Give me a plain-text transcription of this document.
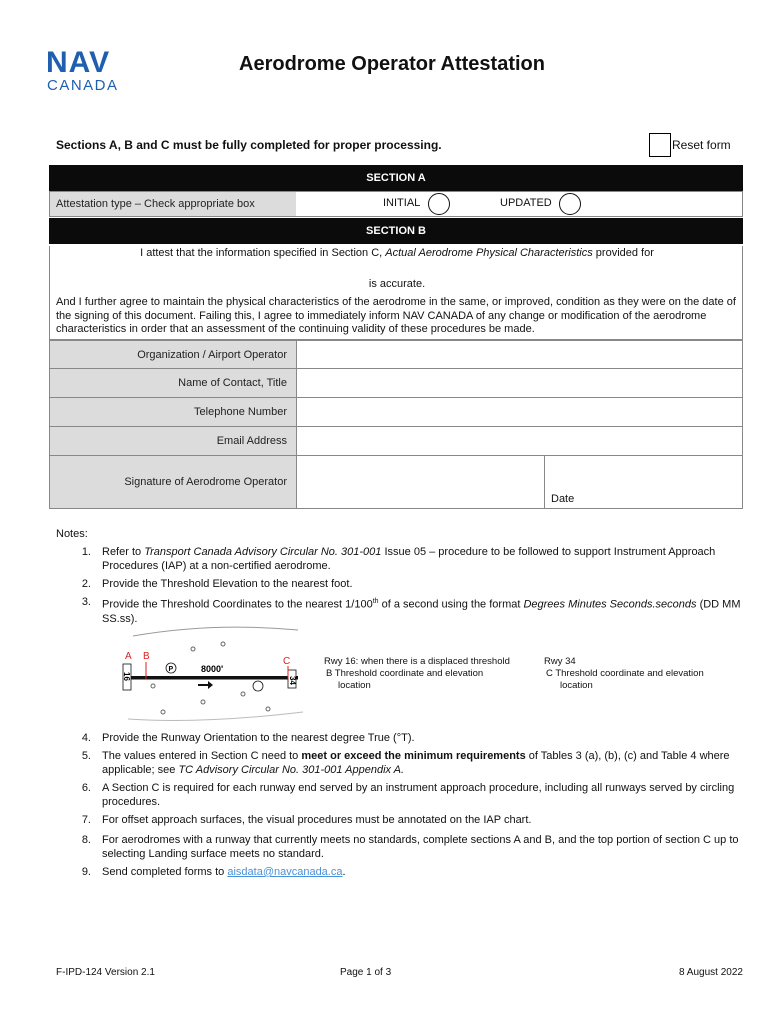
NAV
CANADA
Aerodrome Operator Attestation
Sections A, B and C must be fully completed for proper processing.	Reset form
SECTION A
Attestation type – Check appropriate box	INITIAL	UPDATED
SECTION B
I attest that the information specified in Section C, Actual Aerodrome Physical Characteristics provided for
is accurate.
And I further agree to maintain the physical characteristics of the aerodrome in the same, or improved, condition as they were on the date of the signing of this document. Failing this, I agree to immediately inform NAV CANADA of any change or modification of the aerodrome characteristics in order that an assessment of the continuing validity of these procedures be made.
Organization / Airport Operator
Name of Contact, Title
Telephone Number
Email Address
Signature of Aerodrome Operator
Date
Notes:
1. Refer to Transport Canada Advisory Circular No. 301-001 Issue 05 – procedure to be followed to support Instrument Approach Procedures (IAP) at a non-certified aerodrome.
2. Provide the Threshold Elevation to the nearest foot.
3. Provide the Threshold Coordinates to the nearest 1/100th of a second using the format Degrees Minutes Seconds.seconds (DD MM SS.ss).
16	34
A B	C
8000'
P
Rwy 16: when there is a displaced threshold
B Threshold coordinate and elevation
location
Rwy 34
C Threshold coordinate and elevation
location
4. Provide the Runway Orientation to the nearest degree True (°T).
5. The values entered in Section C need to meet or exceed the minimum requirements of Tables 3 (a), (b), (c) and Table 4 where applicable; see TC Advisory Circular No. 301-001 Appendix A.
6. A Section C is required for each runway end served by an instrument approach procedure, including all runways served by circling procedures.
7. For offset approach surfaces, the visual procedures must be annotated on the IAP chart.
8. For aerodromes with a runway that currently meets no standards, complete sections A and B, and the top portion of section C up to selecting Landing surface meets no standard.
9. Send completed forms to aisdata@navcanada.ca.
F-IPD-124 Version 2.1	Page 1 of 3	8 August 2022
